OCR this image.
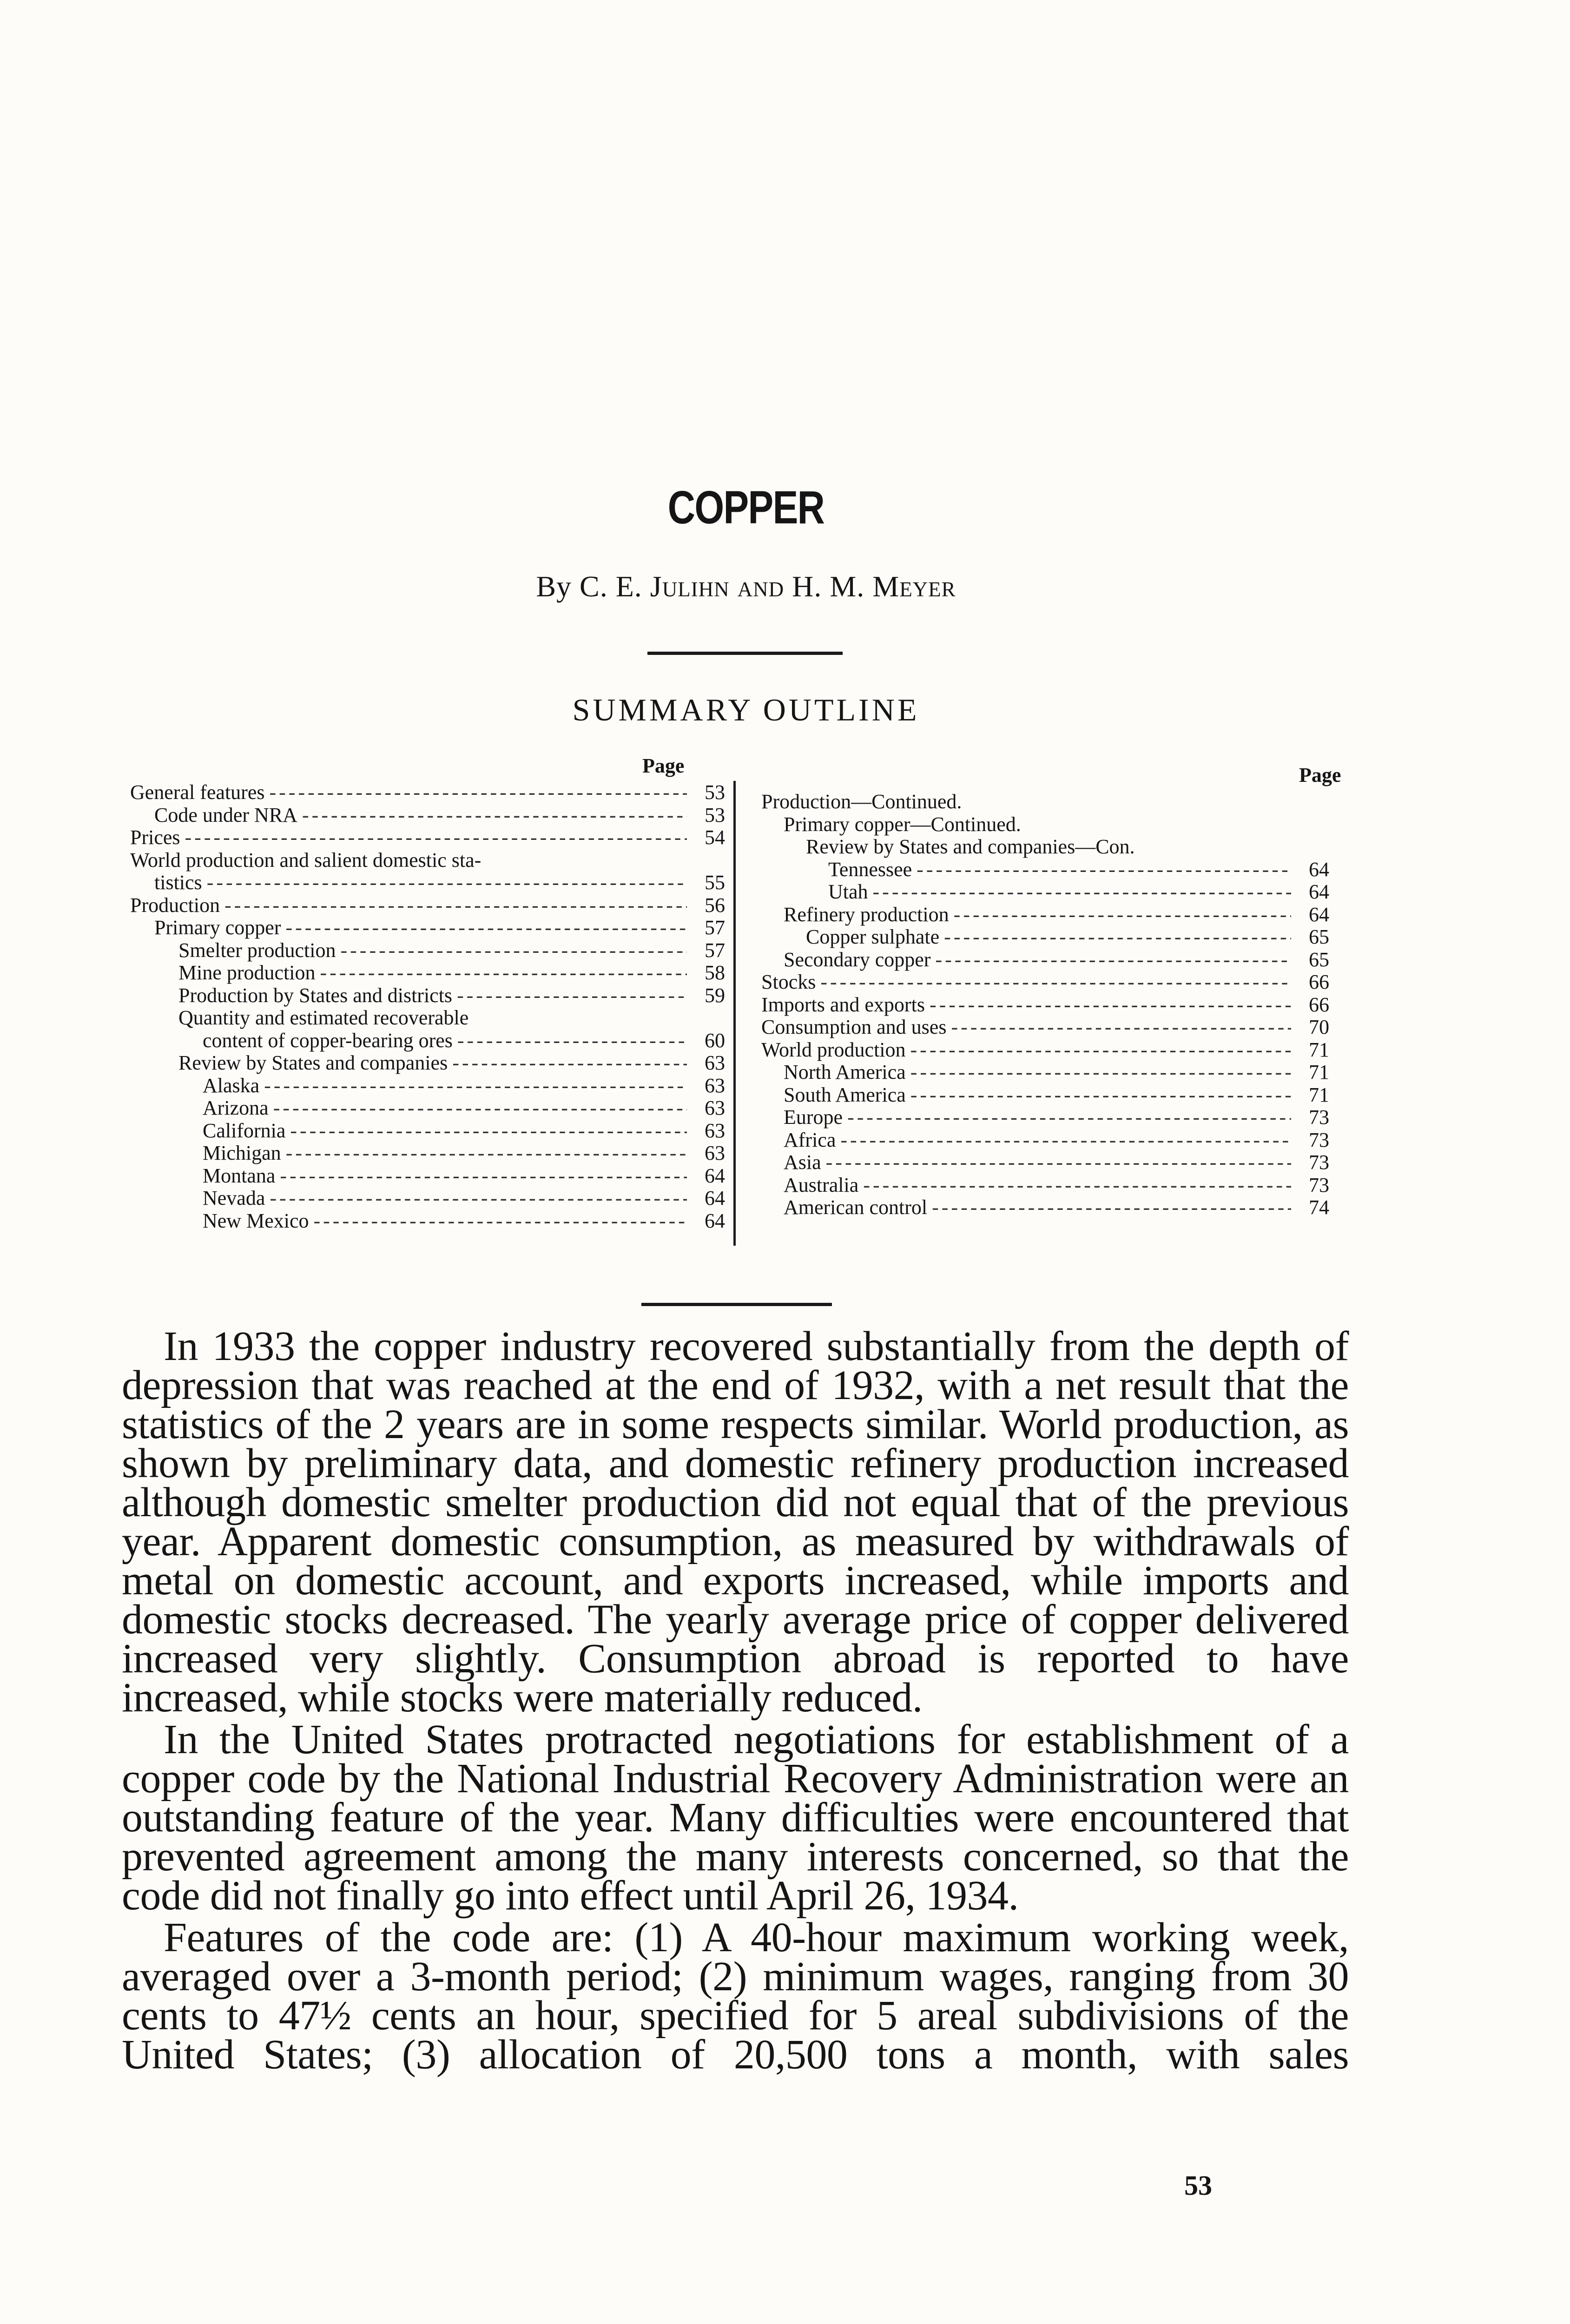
COPPER
By C. E. Julihn and H. M. Meyer
SUMMARY OUTLINE
Page	Page
General features -----	53
Code under NRA -----	53
Prices -----	54
World production and salient domestic sta-
tistics -----	55
Production -----	56
Primary copper -----	57
Smelter production -----	57
Mine production -----	58
Production by States and districts -----	59
Quantity and estimated recoverable
content of copper-bearing ores -----	60
Review by States and companies -----	63
Alaska -----	63
Arizona -----	63
California -----	63
Michigan -----	63
Montana -----	64
Nevada -----	64
New Mexico -----	64
Production—Continued.
Primary copper—Continued.
Review by States and companies—Con.
Tennessee -----	64
Utah -----	64
Refinery production -----	64
Copper sulphate -----	65
Secondary copper -----	65
Stocks -----	66
Imports and exports -----	66
Consumption and uses -----	70
World production -----	71
North America -----	71
South America -----	71
Europe -----	73
Africa -----	73
Asia -----	73
Australia -----	73
American control -----	74

In 1933 the copper industry recovered substantially from the depth of depression that was reached at the end of 1932, with a net result that the statistics of the 2 years are in some respects similar. World production, as shown by preliminary data, and domestic refinery production increased although domestic smelter production did not equal that of the previous year. Apparent domestic consumption, as measured by withdrawals of metal on domestic account, and exports increased, while imports and domestic stocks decreased. The yearly average price of copper delivered increased very slightly. Consumption abroad is reported to have increased, while stocks were materially reduced.

In the United States protracted negotiations for establishment of a copper code by the National Industrial Recovery Administration were an outstanding feature of the year. Many difficulties were encountered that prevented agreement among the many interests concerned, so that the code did not finally go into effect until April 26, 1934.

Features of the code are: (1) A 40-hour maximum working week, averaged over a 3-month period; (2) minimum wages, ranging from 30 cents to 47½ cents an hour, specified for 5 areal subdivisions of the United States; (3) allocation of 20,500 tons a month, with sales

53
